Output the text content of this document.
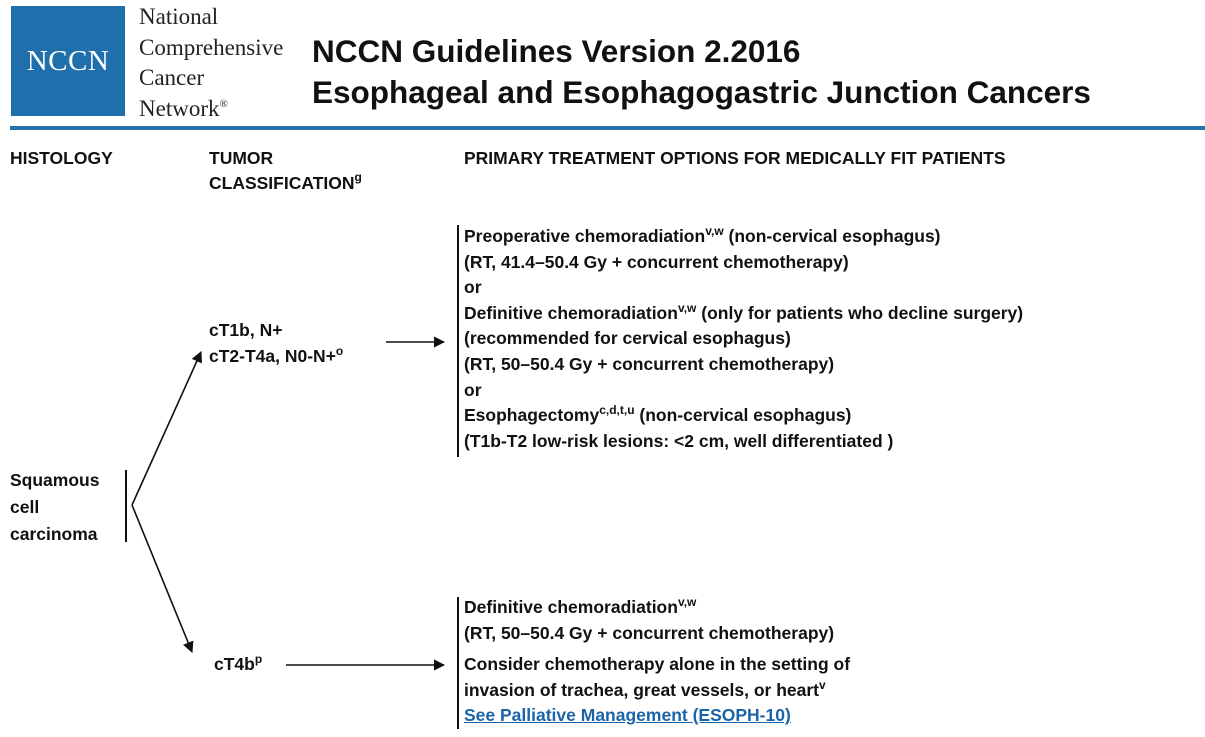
NCCN
National
Comprehensive
Cancer
Network®
NCCN Guidelines Version 2.2016
Esophageal and Esophagogastric Junction Cancers
HISTOLOGY	TUMOR
CLASSIFICATION$^g$
PRIMARY TREATMENT OPTIONS FOR MEDICALLY FIT PATIENTS
Squamous
cell
carcinoma
cT1b, N+
cT2-T4a, N0-N+$^o$
Preoperative chemoradiation$^{v,w}$ (non-cervical esophagus)
(RT, 41.4–50.4 Gy + concurrent chemotherapy)
or
Definitive chemoradiation$^{v,w}$ (only for patients who decline surgery)
(recommended for cervical esophagus)
(RT, 50–50.4 Gy + concurrent chemotherapy)
or
Esophagectomy$^{c,d,t,u}$ (non-cervical esophagus)
(T1b-T2 low-risk lesions: <2 cm, well differentiated )
$cT4b^p$
Definitive chemoradiation$^{v,w}$
(RT, 50–50.4 Gy + concurrent chemotherapy)
Consider chemotherapy alone in the setting of
invasion of trachea, great vessels, or heart$^v$
See Palliative Management (ESOPH-10)
